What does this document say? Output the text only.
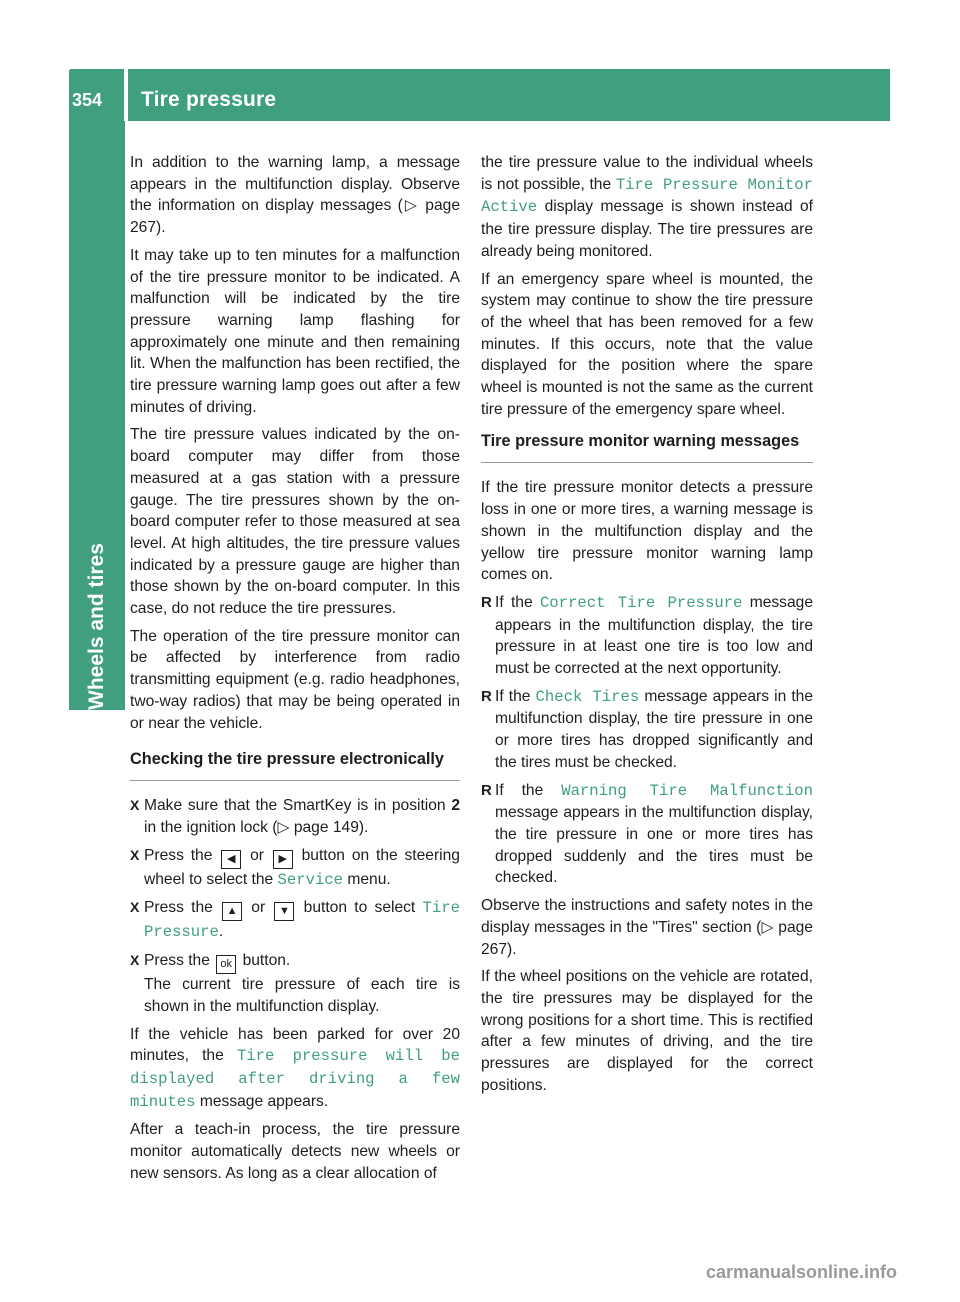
Wheels and tires
354 Tire pressure

In addition to the warning lamp, a message appears in the multifunction display. Observe the information on display messages (▷ page 267).

It may take up to ten minutes for a malfunction of the tire pressure monitor to be indicated. A malfunction will be indicated by the tire pressure warning lamp flashing for approximately one minute and then remaining lit. When the malfunction has been rectified, the tire pressure warning lamp goes out after a few minutes of driving.

The tire pressure values indicated by the on-board computer may differ from those measured at a gas station with a pressure gauge. The tire pressures shown by the on-board computer refer to those measured at sea level. At high altitudes, the tire pressure values indicated by a pressure gauge are higher than those shown by the on-board computer. In this case, do not reduce the tire pressures.

The operation of the tire pressure monitor can be affected by interference from radio transmitting equipment (e.g. radio headphones, two-way radios) that may be being operated in or near the vehicle.

Checking the tire pressure electronically
X Make sure that the SmartKey is in position 2 in the ignition lock (▷ page 149).
X Press the ◀ or ▶ button on the steering wheel to select the Service menu.
X Press the ▲ or ▼ button to select Tire Pressure.
X Press the ok button.
The current tire pressure of each tire is shown in the multifunction display.

If the vehicle has been parked for over 20 minutes, the Tire pressure will be displayed after driving a few minutes message appears.

After a teach-in process, the tire pressure monitor automatically detects new wheels or new sensors. As long as a clear allocation of

the tire pressure value to the individual wheels is not possible, the Tire Pressure Monitor Active display message is shown instead of the tire pressure display. The tire pressures are already being monitored.

If an emergency spare wheel is mounted, the system may continue to show the tire pressure of the wheel that has been removed for a few minutes. If this occurs, note that the value displayed for the position where the spare wheel is mounted is not the same as the current tire pressure of the emergency spare wheel.

Tire pressure monitor warning messages

If the tire pressure monitor detects a pressure loss in one or more tires, a warning message is shown in the multifunction display and the yellow tire pressure monitor warning lamp comes on.

R If the Correct Tire Pressure message appears in the multifunction display, the tire pressure in at least one tire is too low and must be corrected at the next opportunity.
R If the Check Tires message appears in the multifunction display, the tire pressure in one or more tires has dropped significantly and the tires must be checked.
R If the Warning Tire Malfunction message appears in the multifunction display, the tire pressure in one or more tires has dropped suddenly and the tires must be checked.

Observe the instructions and safety notes in the display messages in the "Tires" section (▷ page 267).

If the wheel positions on the vehicle are rotated, the tire pressures may be displayed for the wrong positions for a short time. This is rectified after a few minutes of driving, and the tire pressures are displayed for the correct positions.

carmanualsonline.info
